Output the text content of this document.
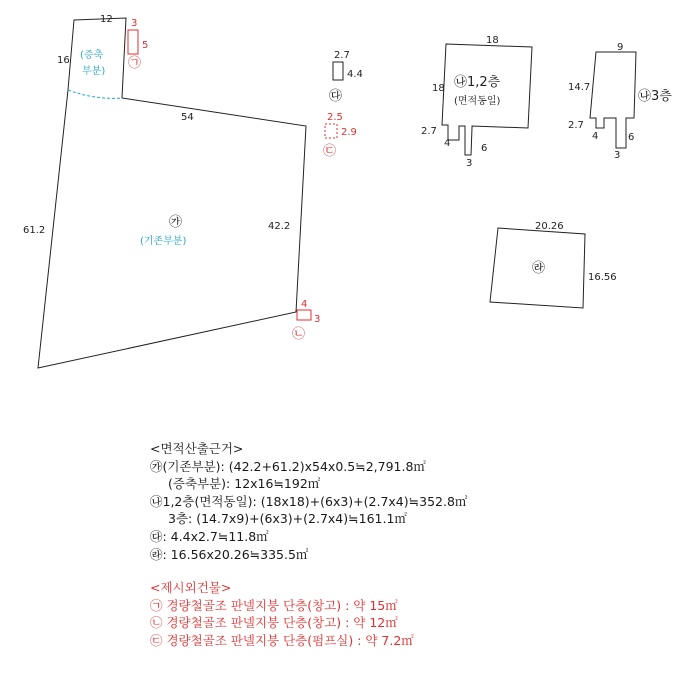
12
16
54
61.2	42.2
(증축
부분)
㉮
(기존부분)
3
5
㉠
4
3
㉡
2.5
2.9
㉢
2.7
4.4
㉰
18
18 ㉯1,2층
(면적동일)
2.7
4
3
6
9
14.7
㉯3층
2.7
4
3
6
20.26
16.56
㉱
<면적산출근거>
㉮(기존부분): (42.2+61.2)x54x0.5≒2,791.8㎡
(증축부분): 12x16≒192㎡
㉯1,2층(면적동일): (18x18)+(6x3)+(2.7x4)≒352.8㎡
3층: (14.7x9)+(6x3)+(2.7x4)≒161.1㎡
㉰: 4.4x2.7≒11.8㎡
㉱: 16.56x20.26≒335.5㎡
<제시외건물>
㉠ 경량철골조 판넬지붕 단층(창고) : 약 15㎡
㉡ 경량철골조 판넬지붕 단층(창고) : 약 12㎡
㉢ 경량철골조 판넬지붕 단층(펌프실) : 약 7.2㎡
